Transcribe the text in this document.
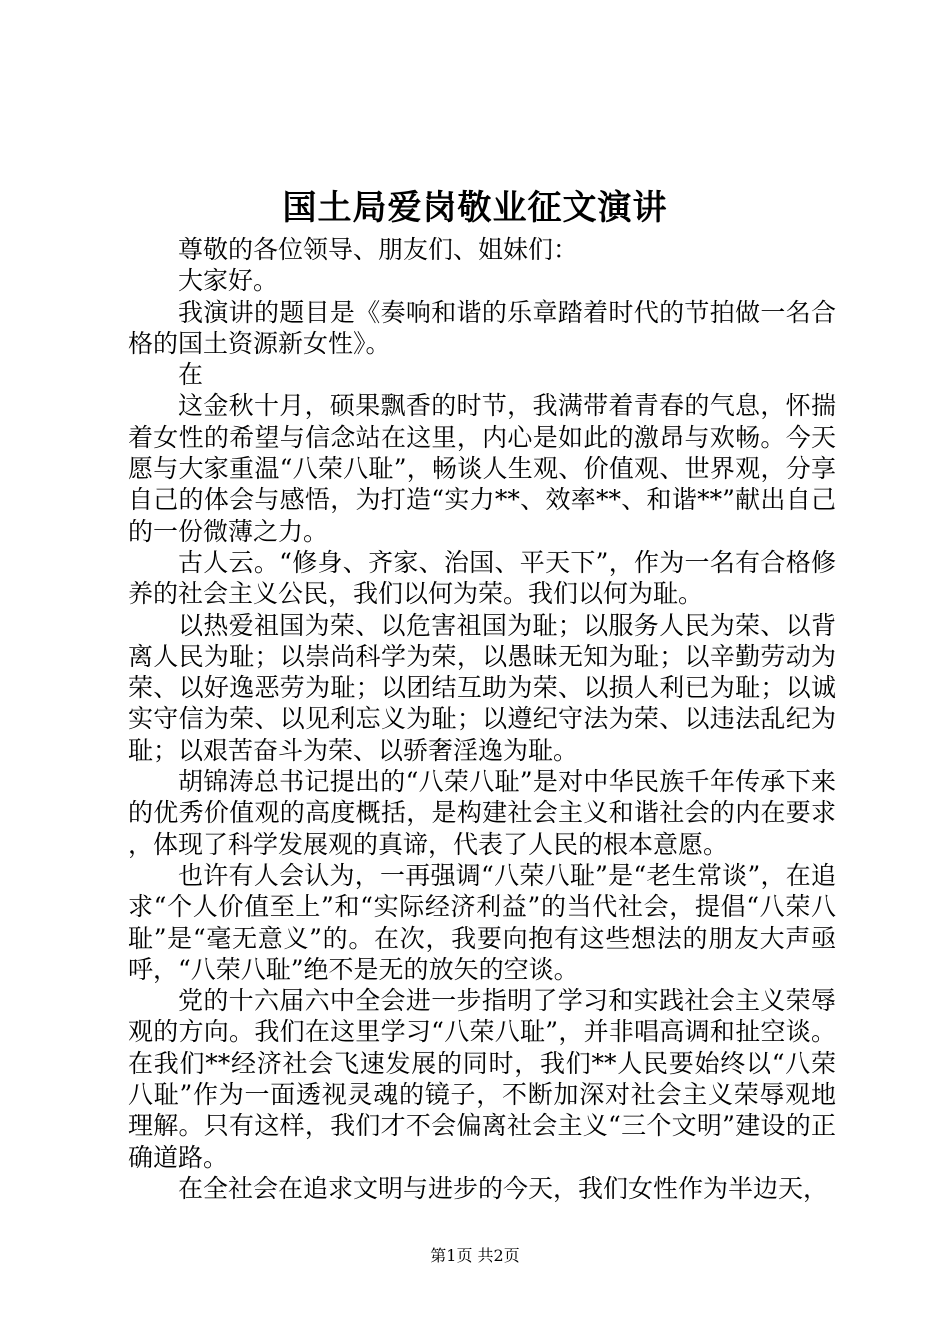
国土局爱岗敬业征文演讲

尊敬的各位领导、朋友们、姐妹们：

大家好。

我演讲的题目是《奏响和谐的乐章踏着时代的节拍做一名合格的国土资源新女性》。

在

这金秋十月，硕果飘香的时节，我满带着青春的气息，怀揣着女性的希望与信念站在这里，内心是如此的激昂与欢畅。今天愿与大家重温“八荣八耻”，畅谈人生观、价值观、世界观，分享自己的体会与感悟，为打造“实力**、效率**、和谐**”献出自己的一份微薄之力。

古人云。“修身、齐家、治国、平天下”，作为一名有合格修养的社会主义公民，我们以何为荣。我们以何为耻。

以热爱祖国为荣、以危害祖国为耻；以服务人民为荣、以背离人民为耻；以崇尚科学为荣，以愚昧无知为耻；以辛勤劳动为荣、以好逸恶劳为耻；以团结互助为荣、以损人利已为耻；以诚实守信为荣、以见利忘义为耻；以遵纪守法为荣、以违法乱纪为耻；以艰苦奋斗为荣、以骄奢淫逸为耻。

胡锦涛总书记提出的“八荣八耻”是对中华民族千年传承下来的优秀价值观的高度概括，是构建社会主义和谐社会的内在要求，体现了科学发展观的真谛，代表了人民的根本意愿。

也许有人会认为，一再强调“八荣八耻”是“老生常谈”，在追求“个人价值至上”和“实际经济利益”的当代社会，提倡“八荣八耻”是“毫无意义”的。在次，我要向抱有这些想法的朋友大声亟呼，“八荣八耻”绝不是无的放矢的空谈。

党的十六届六中全会进一步指明了学习和实践社会主义荣辱观的方向。我们在这里学习“八荣八耻”，并非唱高调和扯空谈。在我们**经济社会飞速发展的同时，我们**人民要始终以“八荣八耻”作为一面透视灵魂的镜子，不断加深对社会主义荣辱观地理解。只有这样，我们才不会偏离社会主义“三个文明”建设的正确道路。

在全社会在追求文明与进步的今天，我们女性作为半边天，

第1页 共2页
